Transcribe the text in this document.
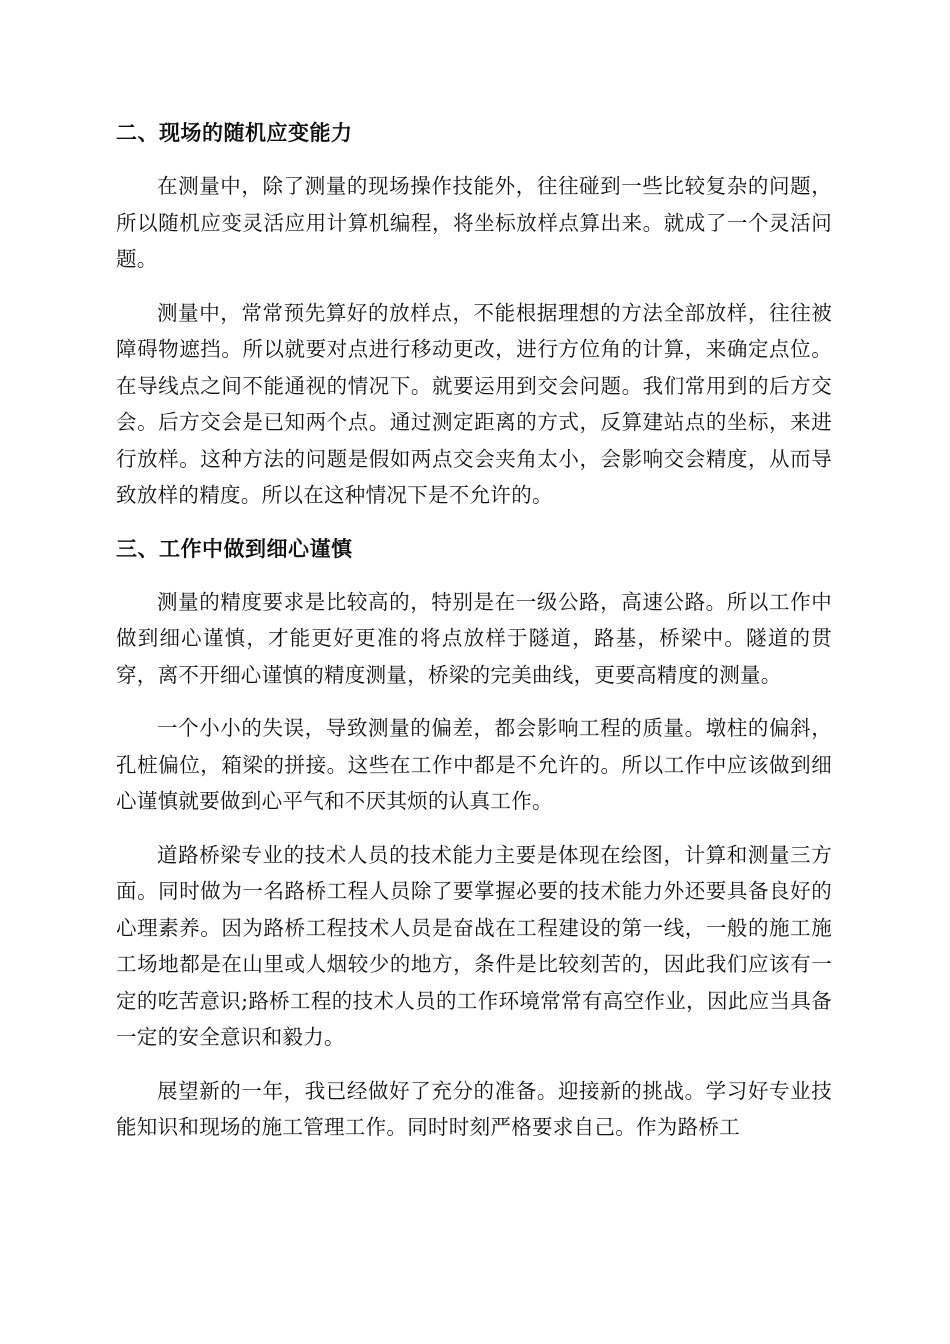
二、现场的随机应变能力

在测量中，除了测量的现场操作技能外，往往碰到一些比较复杂的问题，所以随机应变灵活应用计算机编程，将坐标放样点算出来。就成了一个灵活问题。

测量中，常常预先算好的放样点，不能根据理想的方法全部放样，往往被障碍物遮挡。所以就要对点进行移动更改，进行方位角的计算，来确定点位。在导线点之间不能通视的情况下。就要运用到交会问题。我们常用到的后方交会。后方交会是已知两个点。通过测定距离的方式，反算建站点的坐标，来进行放样。这种方法的问题是假如两点交会夹角太小，会影响交会精度，从而导致放样的精度。所以在这种情况下是不允许的。

三、工作中做到细心谨慎

测量的精度要求是比较高的，特别是在一级公路，高速公路。所以工作中做到细心谨慎，才能更好更准的将点放样于隧道，路基，桥梁中。隧道的贯穿，离不开细心谨慎的精度测量，桥梁的完美曲线，更要高精度的测量。

一个小小的失误，导致测量的偏差，都会影响工程的质量。墩柱的偏斜，孔桩偏位，箱梁的拼接。这些在工作中都是不允许的。所以工作中应该做到细心谨慎就要做到心平气和不厌其烦的认真工作。

道路桥梁专业的技术人员的技术能力主要是体现在绘图，计算和测量三方面。同时做为一名路桥工程人员除了要掌握必要的技术能力外还要具备良好的心理素养。因为路桥工程技术人员是奋战在工程建设的第一线，一般的施工施工场地都是在山里或人烟较少的地方，条件是比较刻苦的，因此我们应该有一定的吃苦意识;路桥工程的技术人员的工作环境常常有高空作业，因此应当具备一定的安全意识和毅力。

展望新的一年，我已经做好了充分的准备。迎接新的挑战。学习好专业技能知识和现场的施工管理工作。同时时刻严格要求自己。作为路桥工
